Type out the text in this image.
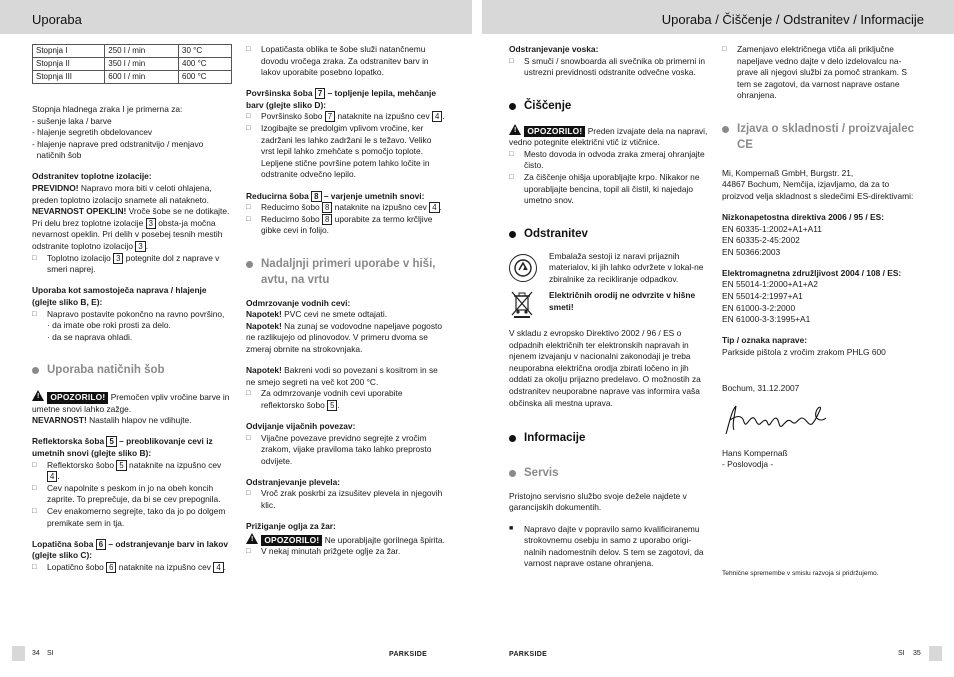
Uporaba	Uporaba / Čiščenje / Odstranitev / Informacije
Stopnja I	250 l / min	30 °C
Stopnja II	350 l / min	400 °C
Stopnja III	600 l / min	600 °C

Stopnja hladnega zraka I je primerna za:

- sušenje laka / barve

- hlajenje segretih obdelovancev

- hlajenje naprave pred odstranitvijo / menjavo

natičnih šob

Odstranitev toplotne izolacije:

PREVIDNO! Napravo mora biti v celoti ohlajena, preden toplotno izolacijo snamete ali natakneto.

NEVARNOST OPEKLIN! Vroče šobe se ne dotikajte. Pri delu brez toplotne izolacije 3 obsta-ja močna nevarnost opeklin. Pri delih v posebej tesnih mestih odstranite toplotno izolacijo 3 .

□ Toplotno izolacijo 3 potegnite dol z naprave v smeri naprej.

Uporaba kot samostoječa naprava / hlajenje (glejte sliko B, E):

□ Napravo postavite pokončno na ravno površino,

· da imate obe roki prosti za delo.

· da se naprava ohladi.

Uporaba natičnih šob

! OPOZORILO! Premočen vpliv vročine barve in umetne snovi lahko zažge.

NEVARNOST! Nastalih hlapov ne vdihujte.

Reflektorska šoba 5 – preoblikovanje cevi iz umetnih snovi (glejte sliko B):

□ Reflektorsko šobo 5 nataknite na izpušno cev 4 .

□ Cev napolnite s peskom in jo na obeh koncih zaprite. To preprečuje, da bi se cev prepognila.

□ Cev enakomerno segrejte, tako da jo po dolgem premikate sem in tja.

Lopatična šoba 6 – odstranjevanje barv in lakov (glejte sliko C):

□ Lopatično šobo 6 nataknite na izpušno cev 4 .

□ Lopatičasta oblika te šobe služi natančnemu dovodu vročega zraka. Za odstranitev barv in lakov uporabite posebno lopatko.

Površinska šoba 7 – topljenje lepila, mehčanje barv (glejte sliko D):

□ Površinsko šobo 7 nataknite na izpušno cev 4 .

□ Izogibajte se predolgim vplivom vročine, ker zadržani les lahko zadržani le s težavo. Veliko vrst lepil lahko zmehčate s pomočjo toplote. Lepljene stične površine potem lahko ločite in odstranite odvečno lepilo.

Reducirna šoba 8 – varjenje umetnih snovi:

□ Reducirno šobo 8 nataknite na izpušno cev 4 .

□ Reducirno šobo 8 uporabite za termo krčljive gibke cevi in folijo.

Nadaljnji primeri uporabe v hiši, avtu, na vrtu

Odmrzovanje vodnih cevi:

Napotek! PVC cevi ne smete odtajati.

Napotek! Na zunaj se vodovodne napeljave pogosto ne razlikujejo od plinovodov. V primeru dvoma se zmeraj obrnite na strokovnjaka.

Napotek! Bakreni vodi so povezani s kositrom in se ne smejo segreti na več kot 200 °C.

□ Za odmrzovanje vodnih cevi uporabite reflektorsko šobo 5 .

Odvijanje vijačnih povezav:

□ Vijačne povezave previdno segrejte z vročim zrakom, vijake praviloma tako lahko preprosto odvijete.

Odstranjevanje plevela:

□ Vroč zrak poskrbi za izsušitev plevela in njegovih klic.

Prižiganje oglja za žar:

! OPOZORILO! Ne uporabljajte gorilnega špirita.

□ V nekaj minutah prižgete oglje za žar.

Odstranjevanje voska:

□ S smuči / snowboarda ali svečnika ob primerni in ustrezni previdnosti odstranite odvečne voska.

Čiščenje

! OPOZORILO! Preden izvajate dela na napravi, vedno potegnite električni vtič iz vtičnice.

□ Mesto dovoda in odvoda zraka zmeraj ohranjajte čisto.

□ Za čiščenje ohišja uporabljajte krpo. Nikakor ne uporabljajte bencina, topil ali čistil, ki najedajo umetno snov.

Odstranitev

Embalaža sestoji iz naravi prijaznih materialov, ki jih lahko odvržete v lokal-ne zbiralnike za recikliranje odpadkov.

Električnih orodij ne odvrzite v hišne smeti!

V skladu z evropsko Direktivo 2002 / 96 / ES o odpadnih električnih ter elektronskih napravah in njenem izvajanju v nacionalni zakonodaji je treba neuporabna električna orodja zbirati ločeno in jih oddati za okolju prijazno predelavo. O možnostih za odstranitev neuporabne naprave vas informira vaša občinska ali mestna uprava.

Informacije

Servis

Pristojno servisno službo svoje dežele najdete v garancijskih dokumentih.

■ Napravo dajte v popravilo samo kvalificiranemu strokovnemu osebju in samo z uporabo origi-nalnih nadomestnih delov. S tem se zagotovi, da varnost naprave ostane ohranjena.

□ Zamenjavo električnega vtiča ali priključne napeljave vedno dajte v delo izdelovalcu na-prave ali njegovi službi za pomoč strankam. S tem se zagotovi, da varnost naprave ostane ohranjena.

Izjava o skladnosti / proizvajalec CE

Mi, Kompernaß GmbH, Burgstr. 21,

44867 Bochum, Nemčija, izjavljamo, da za to proizvod velja skladnost s sledečimi ES-direktivami:

Nizkonapetostna direktiva 2006 / 95 / ES:

EN 60335-1:2002+A1+A11

EN 60335-2-45:2002

EN 50366:2003

Elektromagnetna združljivost 2004 / 108 / ES:

EN 55014-1:2000+A1+A2

EN 55014-2:1997+A1

EN 61000-3-2:2000

EN 61000-3-3:1995+A1

Tip / oznaka naprave:

Parkside pištola z vročim zrakom PHLG 600

Bochum, 31.12.2007

Hans Kompernaß

- Poslovodja -

Tehnične spremembe v smislu razvoja si pridržujemo.

34 SI	PARKSIDE	PARKSIDE	SI 35
